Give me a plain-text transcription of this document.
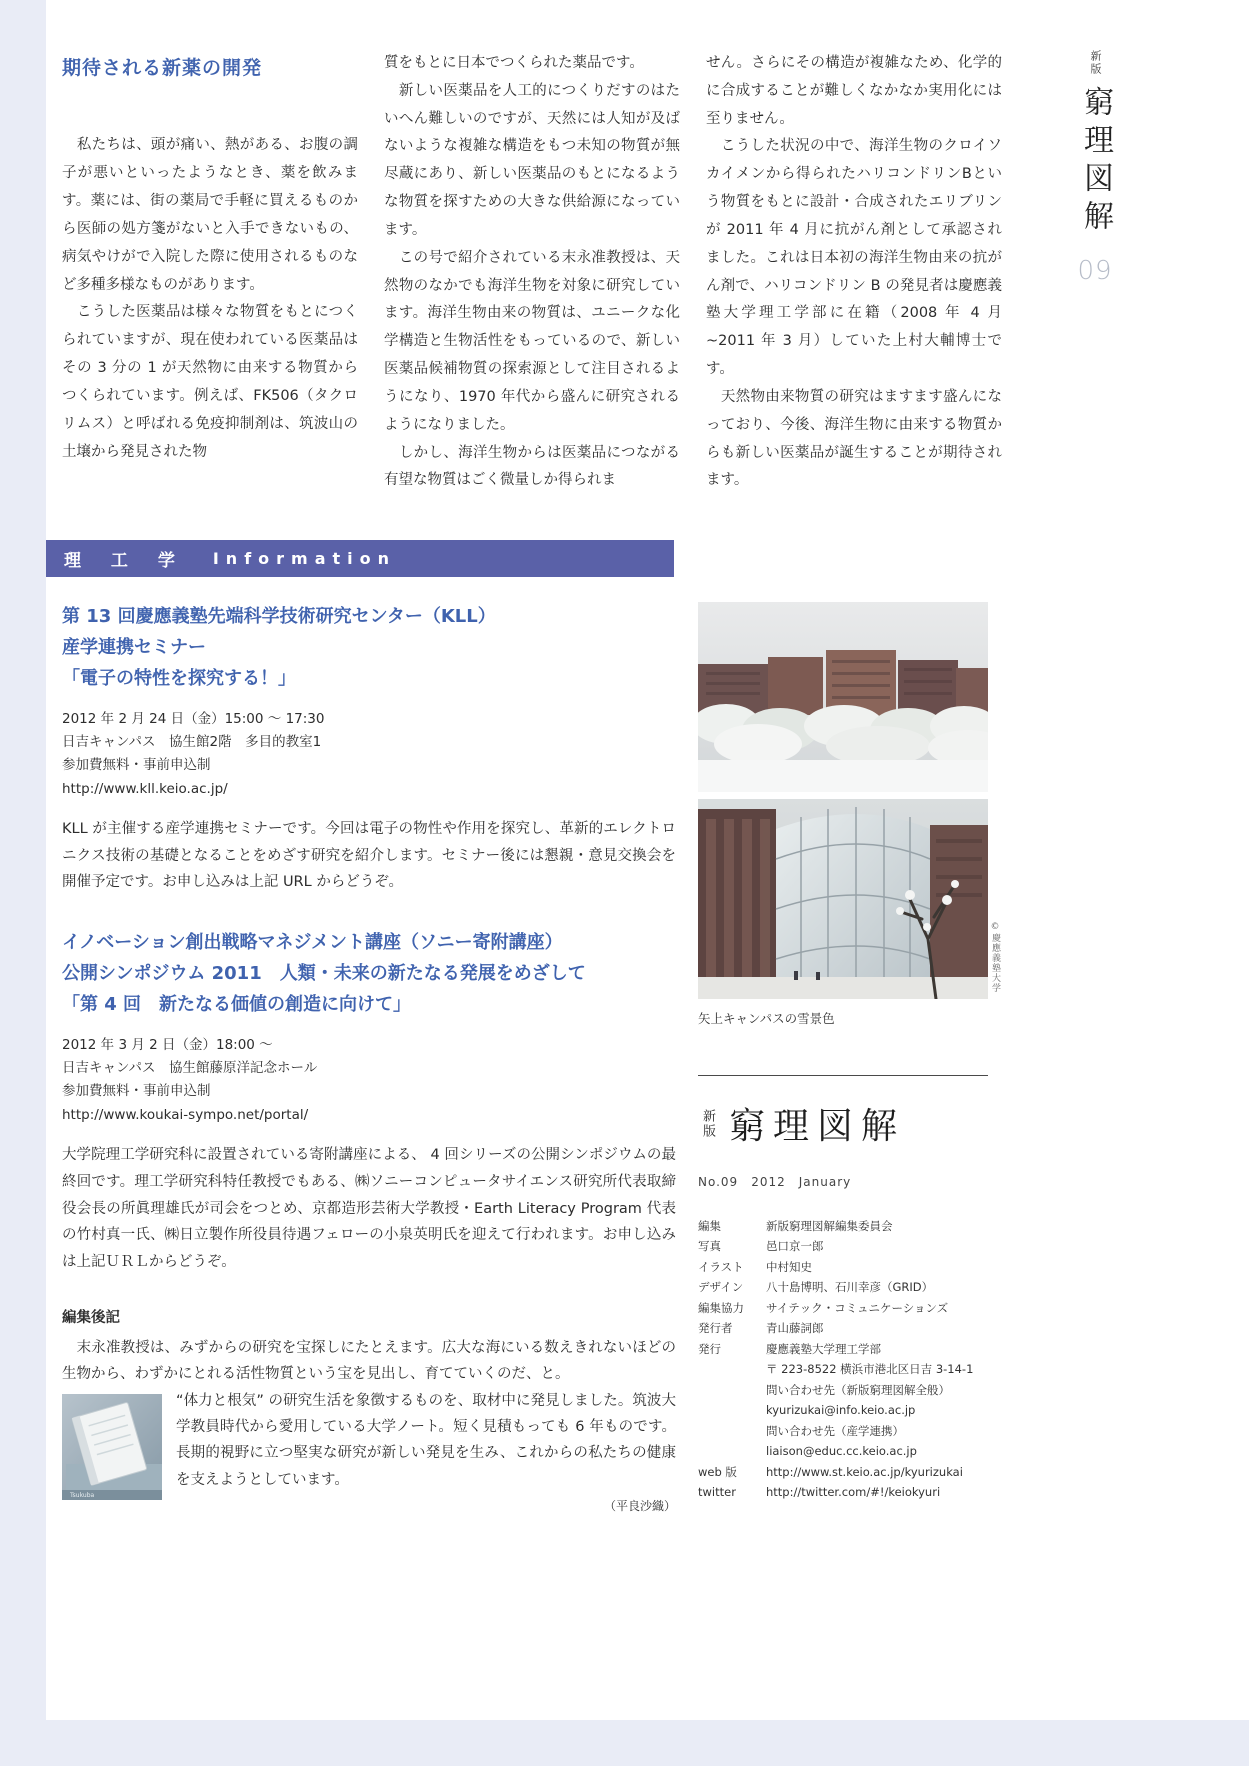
期待される新薬の開発

　私たちは、頭が痛い、熱がある、お腹の調子が悪いといったようなとき、薬を飲みます。薬には、街の薬局で手軽に買えるものから医師の処方箋がないと入手できないもの、病気やけがで入院した際に使用されるものなど多種多様なものがあります。

　こうした医薬品は様々な物質をもとにつくられていますが、現在使われている医薬品はその 3 分の 1 が天然物に由来する物質からつくられています。例えば、FK506（タクロリムス）と呼ばれる免疫抑制剤は、筑波山の土壌から発見された物

質をもとに日本でつくられた薬品です。

　新しい医薬品を人工的につくりだすのはたいへん難しいのですが、天然には人知が及ばないような複雑な構造をもつ未知の物質が無尽蔵にあり、新しい医薬品のもとになるような物質を探すための大きな供給源になっています。

　この号で紹介されている末永准教授は、天然物のなかでも海洋生物を対象に研究しています。海洋生物由来の物質は、ユニークな化学構造と生物活性をもっているので、新しい医薬品候補物質の探索源として注目されるようになり、1970 年代から盛んに研究されるようになりました。

　しかし、海洋生物からは医薬品につながる有望な物質はごく微量しか得られま

せん。さらにその構造が複雑なため、化学的に合成することが難しくなかなか実用化には至りません。

　こうした状況の中で、海洋生物のクロイソカイメンから得られたハリコンドリンBという物質をもとに設計・合成されたエリブリンが 2011 年 4 月に抗がん剤として承認されました。これは日本初の海洋生物由来の抗がん剤で、ハリコンドリン B の発見者は慶應義塾大学理工学部に在籍（2008 年 4 月 ~2011 年 3 月）していた上村大輔博士です。

　天然物由来物質の研究はますます盛んになっており、今後、海洋生物に由来する物質からも新しい医薬品が誕生することが期待されます。

新版
窮理図解
09
理 工 学 Information
第 13 回慶應義塾先端科学技術研究センター（KLL）
産学連携セミナー
「電子の特性を探究する！」
2012 年 2 月 24 日（金）15:00 ～ 17:30
日吉キャンパス　協生館2階　多目的教室1
参加費無料・事前申込制
http://www.kll.keio.ac.jp/

KLL が主催する産学連携セミナーです。今回は電子の物性や作用を探究し、革新的エレクトロニクス技術の基礎となることをめざす研究を紹介します。セミナー後には懇親・意見交換会を開催予定です。お申し込みは上記 URL からどうぞ。

イノベーション創出戦略マネジメント講座（ソニー寄附講座）
公開シンポジウム 2011　人類・未来の新たなる発展をめざして
「第 4 回　新たなる価値の創造に向けて」
2012 年 3 月 2 日（金）18:00 ～
日吉キャンパス　協生館藤原洋記念ホール
参加費無料・事前申込制
http://www.koukai-sympo.net/portal/

大学院理工学研究科に設置されている寄附講座による、 4 回シリーズの公開シンポジウムの最終回です。理工学研究科特任教授でもある、㈱ソニーコンピュータサイエンス研究所代表取締役会長の所眞理雄氏が司会をつとめ、京都造形芸術大学教授・Earth Literacy Program 代表の竹村真一氏、㈱日立製作所役員待遇フェローの小泉英明氏を迎えて行われます。お申し込みは上記ＵＲＬからどうぞ。

編集後記

　末永准教授は、みずからの研究を宝探しにたとえます。広大な海にいる数えきれないほどの生物から、わずかにとれる活性物質という宝を見出し、育てていくのだ、と。

Tsukuba

“体力と根気” の研究生活を象徴するものを、取材中に発見しました。筑波大学教員時代から愛用している大学ノート。短く見積もっても 6 年ものです。長期的視野に立つ堅実な研究が新しい発見を生み、これからの私たちの健康を支えようとしています。

（平良沙織）
©慶應義塾大学
矢上キャンパスの雪景色
新版 窮理図解
No.09　2012　January
編集	新版窮理図解編集委員会
写真	邑口京一郎
イラスト	中村知史
デザイン	八十島博明、石川幸彦（GRID）
編集協力	サイテック・コミュニケーションズ
発行者	青山藤詞郎
発行	慶應義塾大学理工学部
〒 223-8522 横浜市港北区日吉 3-14-1
問い合わせ先（新版窮理図解全般）
kyurizukai@info.keio.ac.jp
問い合わせ先（産学連携）
liaison@educ.cc.keio.ac.jp
web 版	http://www.st.keio.ac.jp/kyurizukai
twitter	http://twitter.com/#!/keiokyuri
